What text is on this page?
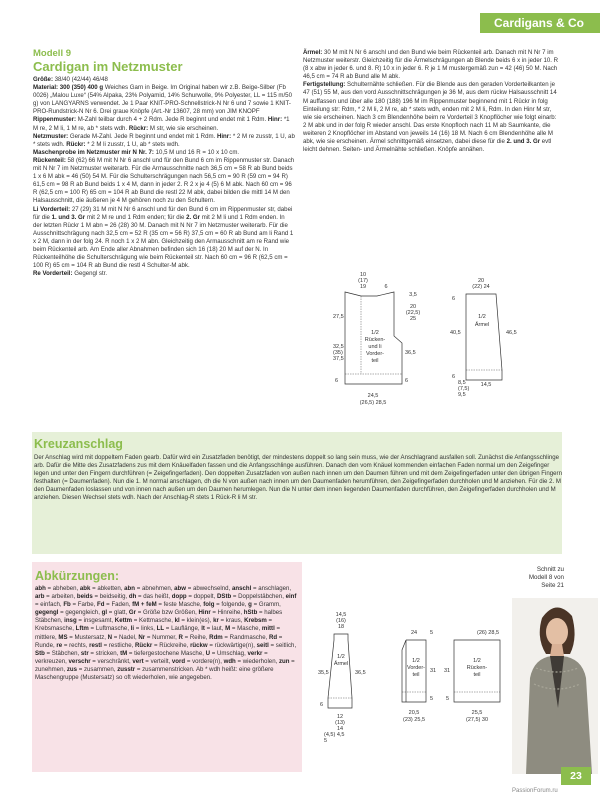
Cardigans & Co
Modell 9
Cardigan im Netzmuster
Größe: 38/40 (42/44) 46/48
Material: 300 (350) 400 g Weiches Garn in Beige. Im Original haben wir z.B. Beige-Silber (Fb 0026) „Malou Luxe“ (54% Alpaka, 23% Polyamid, 14% Schurwolle, 9% Polyester, LL = 115 m/50 g) von LANGYARNS verwendet. Je 1 Paar KNIT-PRO-Schnellstrick-N Nr 6 und 7 sowie 1 KNIT-PRO-Rundstrick-N Nr 6. Drei graue Knöpfe (Art.-Nr 13607, 28 mm) von JIM KNOPF
Rippenmuster: M-Zahl teilbar durch 4 + 2 Rdm. Jede R beginnt und endet mit 1 Rdm. Hinr: *1 M re, 2 M li, 1 M re, ab * stets wdh. Rückr: M str, wie sie erscheinen.
Netzmuster: Gerade M-Zahl. Jede R beginnt und endet mit 1 Rdm. Hinr: * 2 M re zusstr, 1 U, ab * stets wdh. Rückr: * 2 M li zusstr, 1 U, ab * stets wdh.
Maschenprobe im Netzmuster mir N Nr. 7: 10,5 M und 16 R = 10 x 10 cm.
Rückenteil: 58 (62) 66 M mit N Nr 6 anschl und für den Bund 6 cm im Rippenmuster str. Danach mit N Nr 7 im Netzmuster weiterarb. Für die Armausschnitte nach 36,5 cm = 58 R ab Bund beids 1 x 6 M abk = 46 (50) 54 M. Für die Schulterschrägungen nach 56,5 cm = 90 R (59 cm = 94 R) 61,5 cm = 98 R ab Bund beids 1 x 4 M, dann in jeder 2. R 2 x je 4 (5) 6 M abk. Nach 60 cm = 96 R (62,5 cm = 100 R) 65 cm = 104 R ab Bund die restl 22 M abk, dabei bilden die mittl 14 M den Halsausschnitt, die äußeren je 4 M gehören noch zu den Schultern.
Li Vorderteil: 27 (29) 31 M mit N Nr 6 anschl und für den Bund 6 cm im Rippenmuster str, dabei für die 1. und 3. Gr mit 2 M re und 1 Rdm enden; für die 2. Gr mit 2 M li und 1 Rdm enden. In der letzten Rückr 1 M abn = 26 (28) 30 M. Danach mit N Nr 7 im Netzmuster weiterarb. Für die Ausschnittschrägung nach 32,5 cm = 52 R (35 cm = 56 R) 37,5 cm = 60 R ab Bund am li Rand 1 x 2 M, dann in der folg 24. R noch 1 x 2 M abn. Gleichzeitig den Armausschnitt am re Rand wie beim Rückenteil arb. Am Ende aller Abnahmen befinden sich 16 (18) 20 M auf der N. In Rückenteilhöhe die Schulterschrägung wie beim Rückenteil str. Nach 60 cm = 96 R (62,5 cm = 100 R) 65 cm = 104 R ab Bund die restl 4 Schulter-M abk.
Re Vorderteil: Gegengl str.
Ärmel: 30 M mit N Nr 6 anschl und den Bund wie beim Rückenteil arb. Danach mit N Nr 7 im Netzmuster weiterstr. Gleichzeitig für die Ärmelschrägungen ab Blende beids 6 x in jeder 10. R (8 x abw in jeder 6. und 8. R) 10 x in jeder 6. R je 1 M mustergemäß zun = 42 (46) 50 M. Nach 46,5 cm = 74 R ab Bund alle M abk.
Fertigstellung: Schulternähte schließen. Für die Blende aus den geraden Vorderteilkanten je 47 (51) 55 M, aus den vord Ausschnittschrägungen je 36 M, aus dem rückw Halsausschnitt 14 M auffassen und über alle 180 (188) 196 M im Rippenmuster beginnend mit 1 Rückr in folg Einteilung str: Rdm, * 2 M li, 2 M re, ab * stets wdh, enden mit 2 M li, Rdm. In den Hinr M str, wie sie erscheinen. Nach 3 cm Blendenhöhe beim re Vorderteil 3 Knopflöcher wie folgt einarb: 2 M abk und in der folg R wieder anschl. Das erste Knopfloch nach 11 M ab Saumkante, die weiteren 2 Knopflöcher im Abstand von jeweils 14 (16) 18 M. Nach 6 cm Blendenhöhe alle M abk, wie sie erscheinen. Ärmel schnittgemäß einsetzen, dabei diese für die 2. und 3. Gr evtl leicht dehnen. Seiten- und Ärmelnähte schließen. Knöpfe annähen.
10
(17)
19	6
3,5
20
(22,5)
25
27,5
32,5
(35)
37,5
6
1/2
Rücken-
und li
Vorder-
teil
36,5
6
24,5
(26,5) 28,5
20
(22) 24
6
40,5
6
1/2
Ärmel
46,5
8,5
(7,5)
9,5
14,5
Kreuzanschlag
Der Anschlag wird mit doppeltem Faden gearb. Dafür wird ein Zusatzfaden benötigt, der mindestens doppelt so lang sein muss, wie der Anschlagrand ausfallen soll. Zunächst die Anfangsschlinge arb. Dafür die Mitte des Zusatzfadens zus mit dem Knäuelfaden fassen und die Anfangsschlinge ausführen. Danach den vom Knäuel kommenden einfachen Faden normal um den Zeigefinger legen und unter den Fingern durchführen (= Zeigefingerfaden). Den doppelten Zusatzfaden von außen nach innen um den Daumen führen und mit dem Zeigefingerfaden unter den übrigen Fingern festhalten (= Daumenfaden). Nun die 1. M normal anschlagen, dh die N von außen nach innen um den Daumenfaden herumführen, den Zeigefingerfaden durchholen und M anziehen. Für die 2. M den Daumenfaden loslassen und von innen nach außen um den Daumen herumlegen. Nun die N unter dem innen liegenden Daumenfaden durchführen, den Zeigefingerfaden durchholen und M anziehen. Diesen Wechsel stets wdh. Nach der Anschlag-R stets 1 Rück-R li M str.
Abkürzungen:
abh = abheben, abk = abketten, abn = abnehmen, abw = abwechselnd, anschl = anschlagen, arb = arbeiten, beids = beidseitig, dh = das heißt, dopp = doppelt, DStb = Doppelstäbchen, einf = einfach, Fb = Farbe, Fd = Faden, fM + feM = feste Masche, folg = folgende, g = Gramm, gegengl = gegengleich, gl = glatt, Gr = Größe bzw Größen, Hinr = Hinreihe, hStb = halbes Stäbchen, insg = insgesamt, Kettm = Kettmasche, kl = klein(es), kr = kraus, Krebsm = Krebsmasche, Lftm = Luftmasche, li = links, LL = Lauflänge, lt = laut, M = Masche, mittl = mittlere, MS = Mustersatz, N = Nadel, Nr = Nummer, R = Reihe, Rdm = Randmasche, Rd = Runde, re = rechts, restl = restliche, Rückr = Rückreihe, rückw = rückwärtige(n), seitl = seitlich, Stb = Stäbchen, str = stricken, tM = tiefergestochene Masche, U = Umschlag, verkr = verkreuzen, verschr = verschränkt, vert = verteilt, vord = vordere(n), wdh = wiederholen, zun = zunehmen, zus = zusammen, zusstr = zusammenstricken. Ab * wdh heißt: eine größere Maschengruppe (Mustersatz) so oft wiederholen, wie angegeben.
14,5
(16)
18
1/2
Ärmel
35,5	36,5
6
12
(13)
14
(4,5) 4,5
5
24 5
1/2
Vorder-
teil
31
5
20,5
(23) 25,5
(26) 28,5
1/2
Rücken-
teil
31
5
25,5
(27,5) 30
Schnitt zu
Modell 8 von
Seite 21
23
PassionForum.ru
